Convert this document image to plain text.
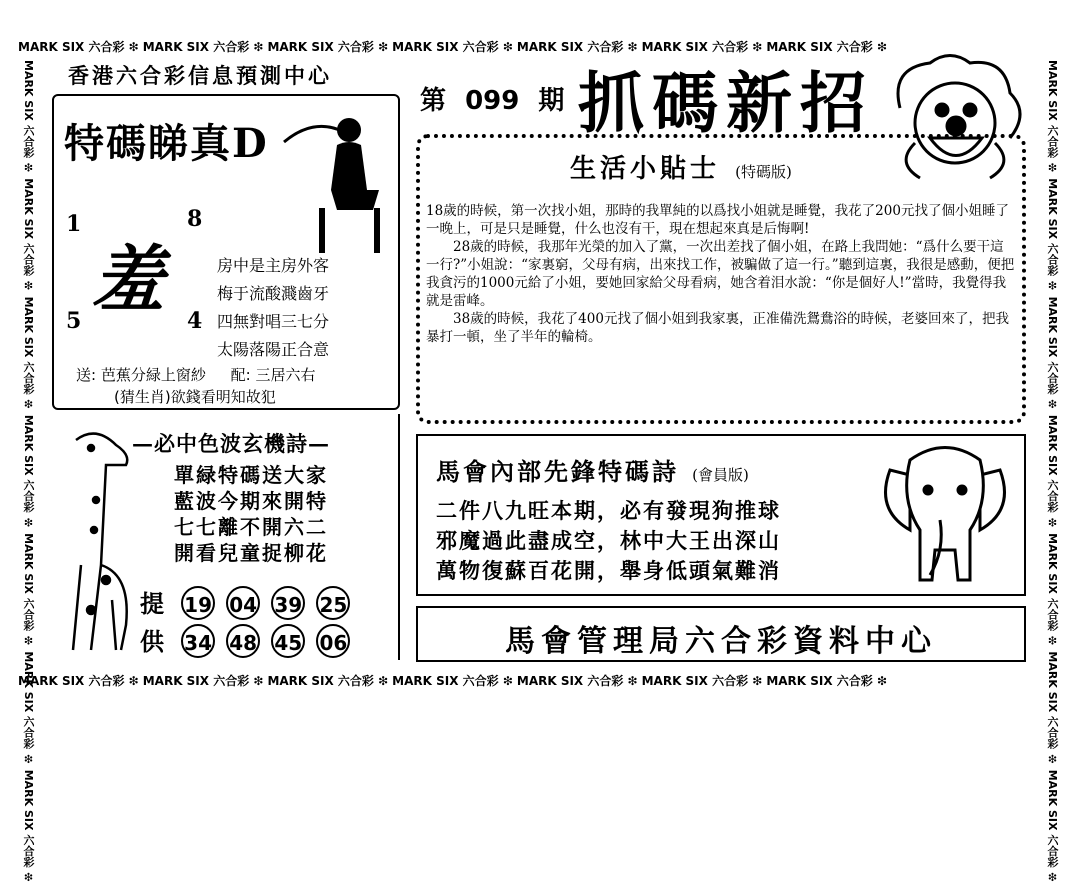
MARK SIX 六合彩 ❇ MARK SIX 六合彩 ❇ MARK SIX 六合彩 ❇ MARK SIX 六合彩 ❇ MARK SIX 六合彩 ❇ MARK SIX 六合彩 ❇ MARK SIX 六合彩 ❇
MARK SIX 六合彩 ❇ MARK SIX 六合彩 ❇ MARK SIX 六合彩 ❇ MARK SIX 六合彩 ❇ MARK SIX 六合彩 ❇ MARK SIX 六合彩 ❇ MARK SIX 六合彩 ❇
MARK SIX 六合彩 ❇ MARK SIX 六合彩 ❇ MARK SIX 六合彩 ❇ MARK SIX 六合彩 ❇ MARK SIX 六合彩 ❇ MARK SIX 六合彩 ❇ MARK SIX 六合彩 ❇
MARK SIX 六合彩 ❇ MARK SIX 六合彩 ❇ MARK SIX 六合彩 ❇ MARK SIX 六合彩 ❇ MARK SIX 六合彩 ❇ MARK SIX 六合彩 ❇ MARK SIX 六合彩 ❇
香港六合彩信息預測中心
第 099 期 抓碼新招
特碼睇真D
1	8
5	4
羞	房中是主房外客
梅于流酸濺齒牙
四無對唱三七分
太陽落陽正合意
送: 芭蕉分緑上窗紗 配: 三居六右
(猜生肖)欲錢看明知故犯
生活小貼士 (特碼版)

18歲的時候，第一次找小姐，那時的我單純的以爲找小姐就是睡覺，我花了200元找了個小姐睡了一晚上，可是只是睡覺，什么也沒有干，現在想起來真是后悔啊!

28歲的時候，我那年光榮的加入了黨，一次出差找了個小姐，在路上我問她：“爲什么要干這一行?”小姐說：“家裏窮，父母有病，出來找工作，被騙做了這一行。”聽到這裏，我很是感動，便把我貪污的1000元給了小姐，要她回家給父母看病，她含着泪水說：“你是個好人!”當時，我覺得我就是雷峰。

38歲的時候，我花了400元找了個小姐到我家裏，正准備洗鴛鴦浴的時候，老婆回來了，把我暴打一頓，坐了半年的輪椅。

—必中色波玄機詩—
單緑特碼送大家
藍波今期來開特
七七離不開六二
開看兒童捉柳花
提 19 04 39 25
供 34 48 45 06
馬會內部先鋒特碼詩 (會員版)
二件八九旺本期，必有發現狗推球
邪魔過此盡成空，林中大王出深山
萬物復蘇百花開，舉身低頭氣難消
馬會管理局六合彩資料中心
